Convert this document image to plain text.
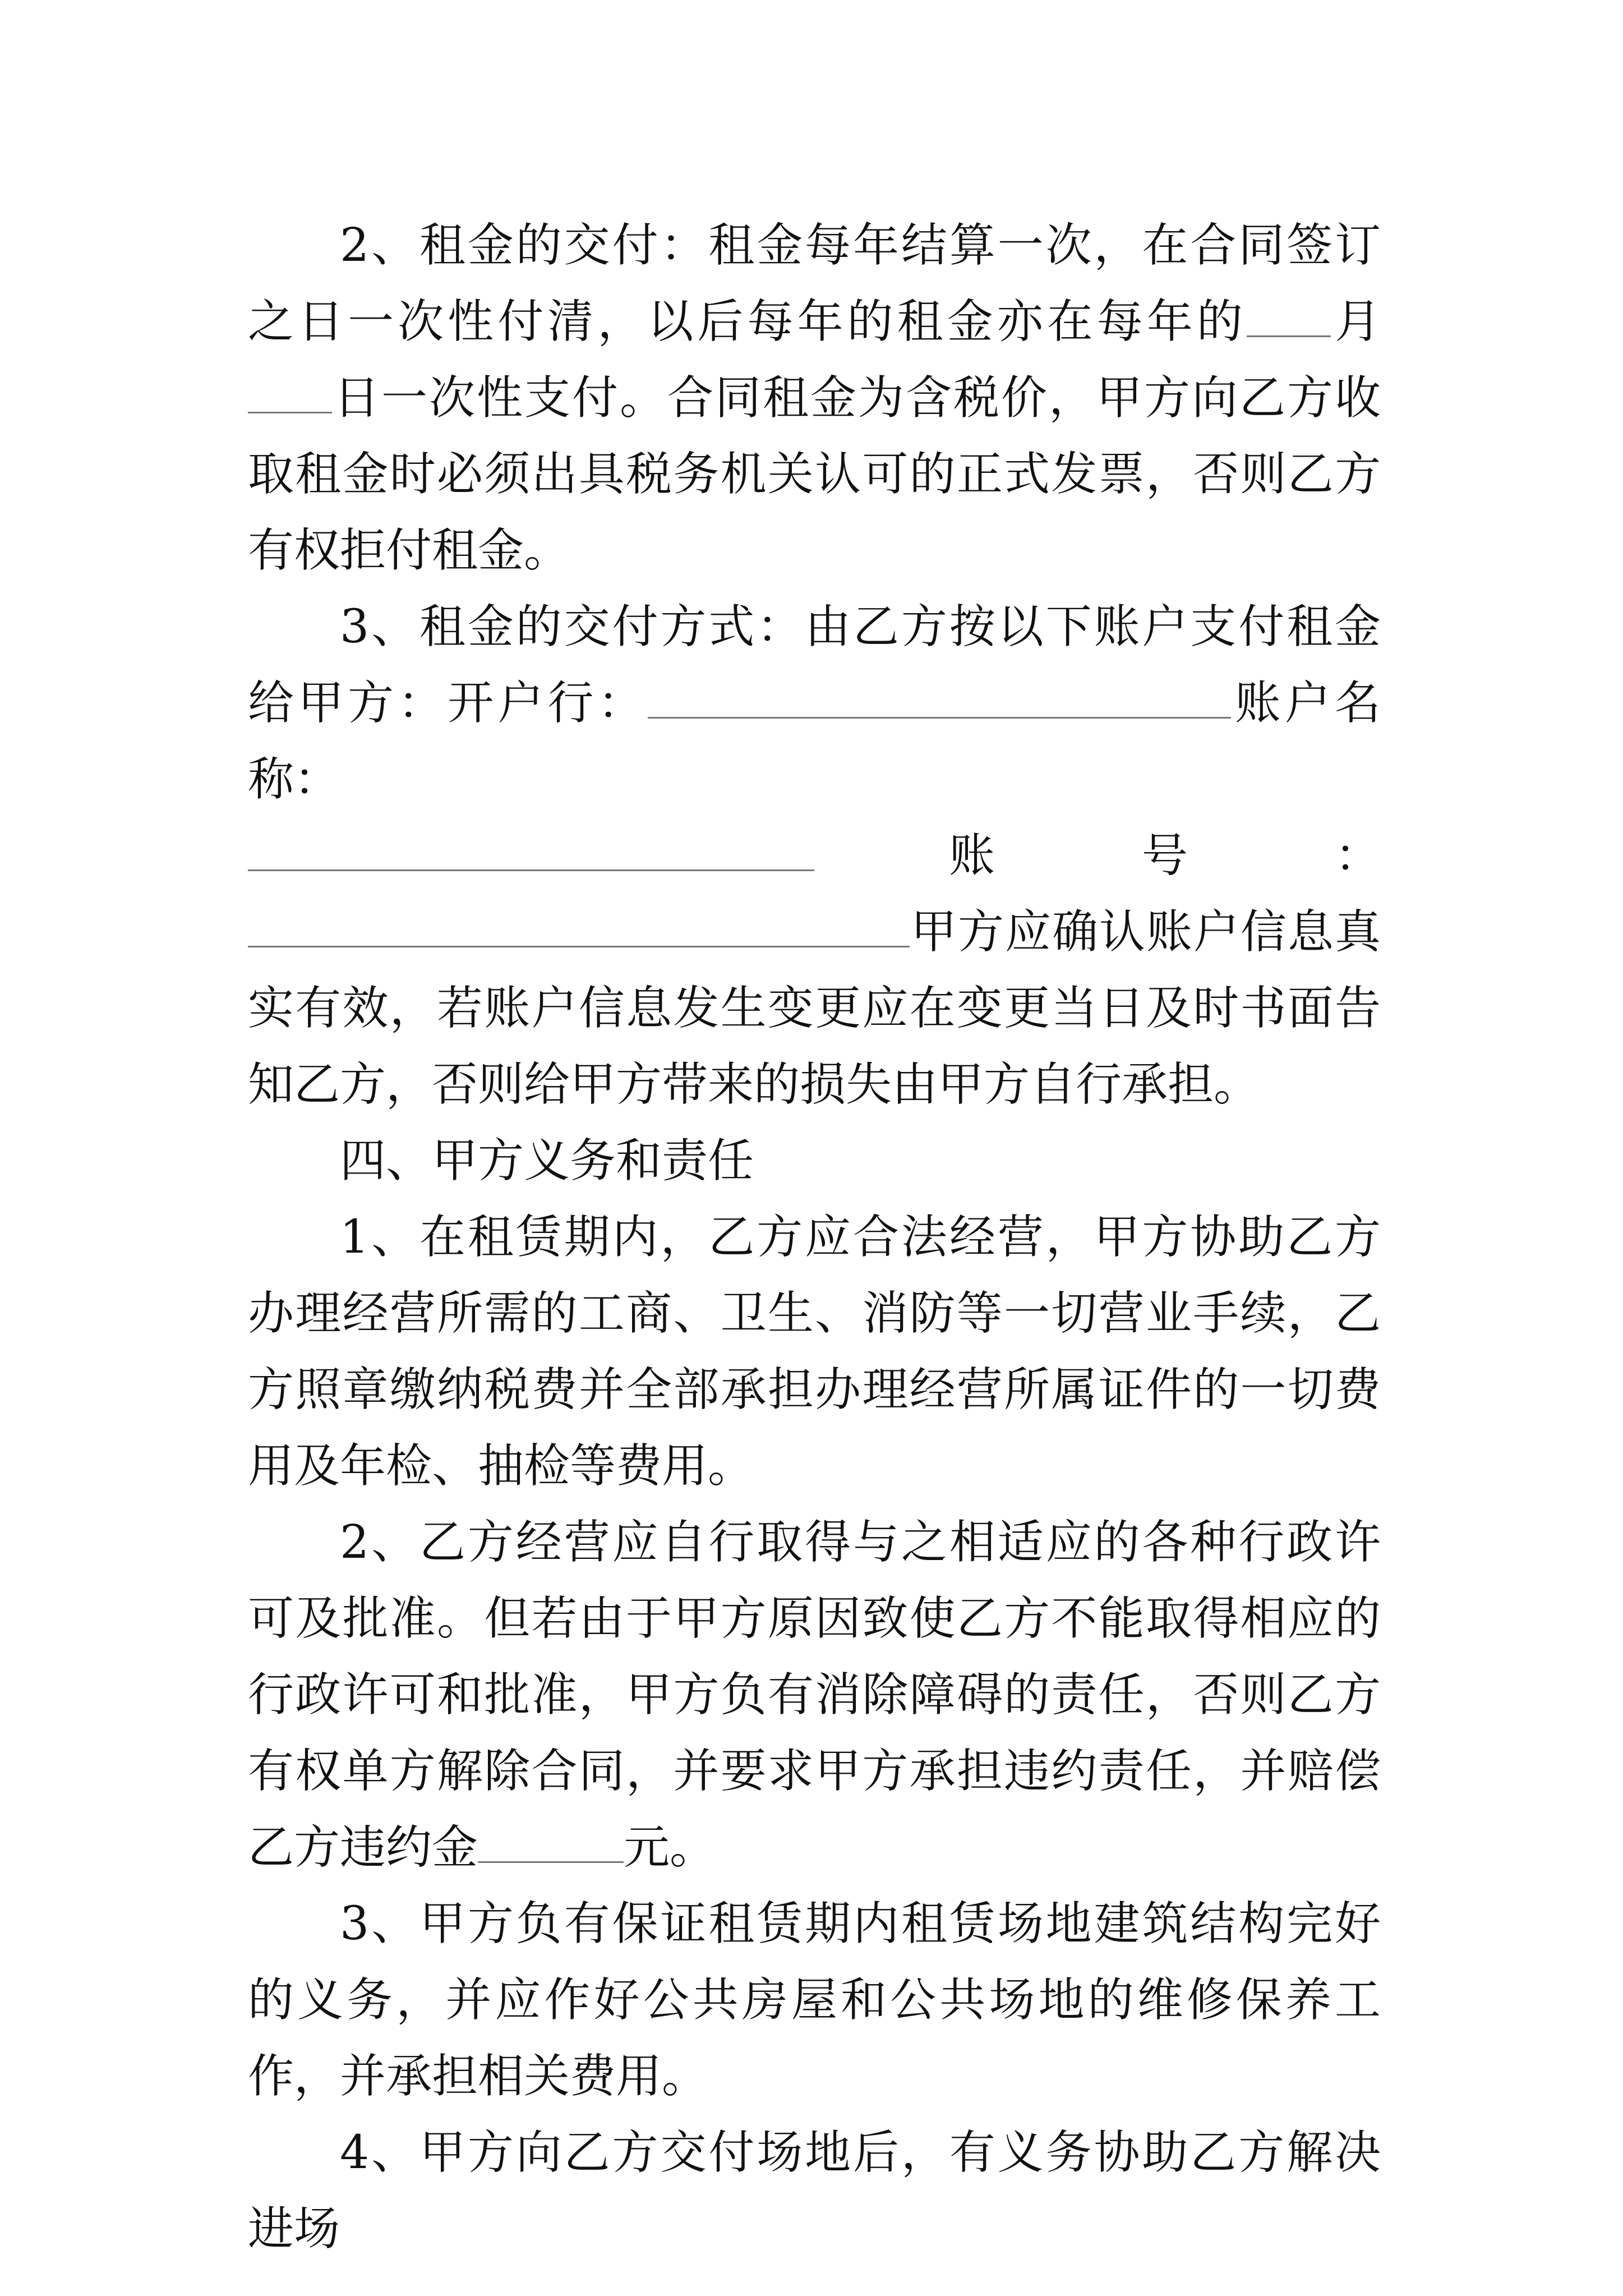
2、租金的交付：租金每年结算一次，在合同签订之日一次性付清，以后每年的租金亦在每年的 月日一次性支付。合同租金为含税价，甲方向乙方收取租金时必须出具税务机关认可的正式发票，否则乙方有权拒付租金。

3、租金的交付方式：由乙方按以下账户支付租金给甲方：开户行：	账户名称：

账	号	：

甲方应确认账户信息真实有效，若账户信息发生变更应在变更当日及时书面告知乙方，否则给甲方带来的损失由甲方自行承担。

四、甲方义务和责任

1、在租赁期内，乙方应合法经营，甲方协助乙方办理经营所需的工商、卫生、消防等一切营业手续，乙方照章缴纳税费并全部承担办理经营所属证件的一切费用及年检、抽检等费用。

2、乙方经营应自行取得与之相适应的各种行政许可及批准。但若由于甲方原因致使乙方不能取得相应的行政许可和批准，甲方负有消除障碍的责任，否则乙方有权单方解除合同，并要求甲方承担违约责任，并赔偿乙方违约金	元。

3、甲方负有保证租赁期内租赁场地建筑结构完好的义务，并应作好公共房屋和公共场地的维修保养工作，并承担相关费用。

4、甲方向乙方交付场地后，有义务协助乙方解决进场
